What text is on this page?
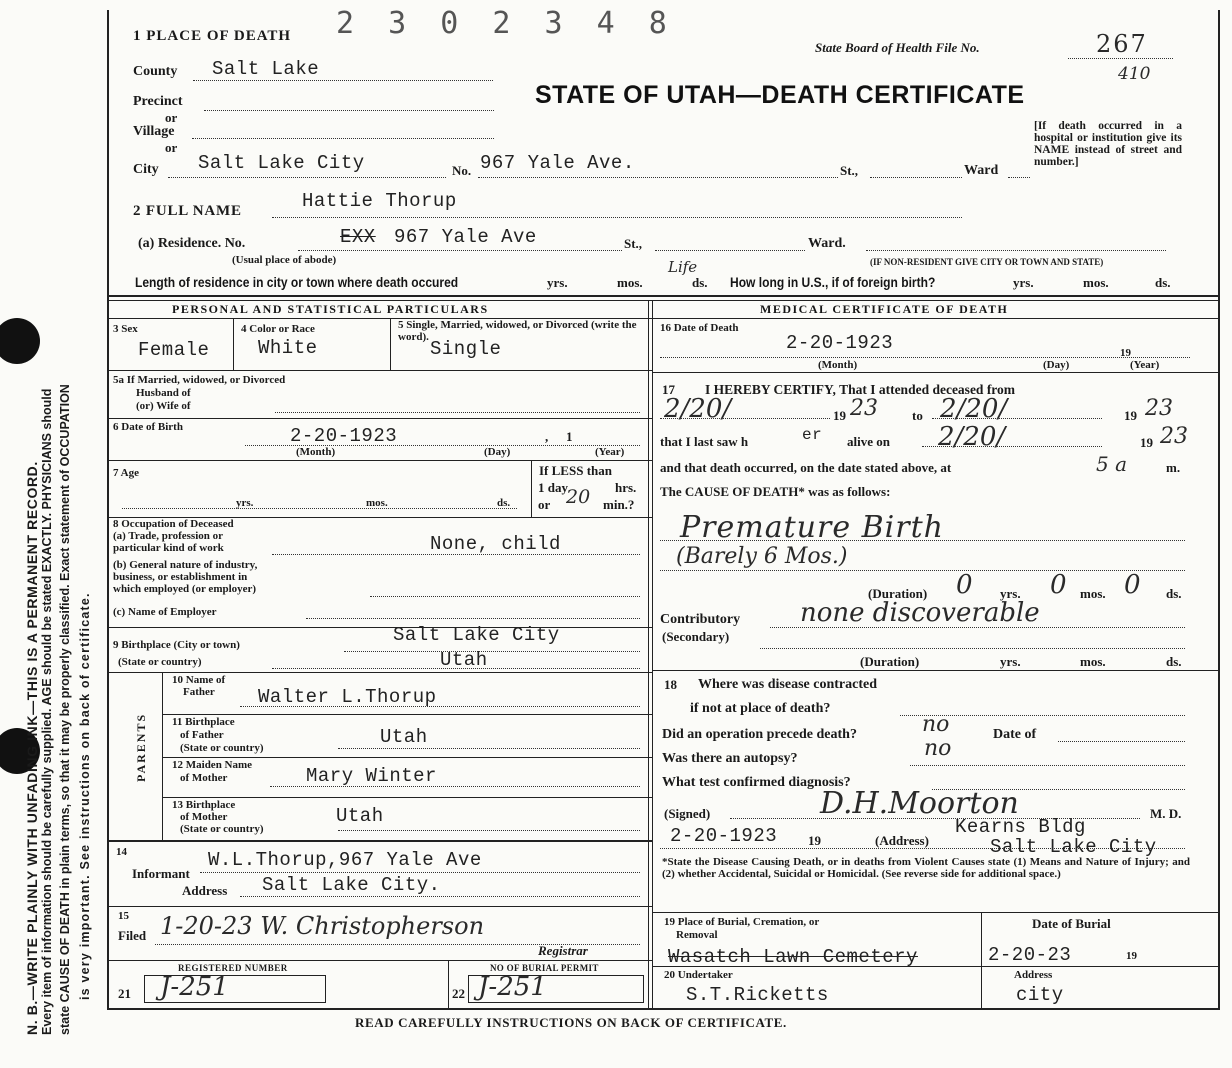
N. B.—WRITE PLAINLY WITH UNFADING INK—THIS IS A PERMANENT RECORD. Every item of information should be carefully supplied. AGE should be stated EXACTLY. PHYSICIANS should state CAUSE OF DEATH in plain terms, so that it may be properly classified. Exact statement of OCCUPATION is very important. See instructions on back of certificate.
1 PLACE OF DEATH 2 3 0 2 3 4 8
State Board of Health File No.	267
410
STATE OF UTAH—DEATH CERTIFICATE
[If death occurred in a hospital or institution give its NAME instead of street and number.]
County Salt Lake
Precinct
or
Village
or
City Salt Lake City	No. 967 Yale Ave.	St.,	Ward
2 FULL NAME	Hattie Thorup
(a) Residence. No.	EXX 967 Yale Ave	St.,	Ward.
(Usual place of abode)	(IF NON-RESIDENT GIVE CITY OR TOWN AND STATE)
Length of residence in city or town where death occured	yrs.	mos.
Life
ds. How long in U.S., if of foreign birth?	yrs.	mos.	ds.
PERSONAL AND STATISTICAL PARTICULARS
3 Sex
Female
4 Color or Race
White
5 Single, Married, widowed, or Divorced (write the word).
Single
5a If Married, widowed, or Divorced
Husband of
(or) Wife of
6 Date of Birth	2-20-1923	, 1
(Month)	(Day)	(Year)
7 Age
yrs.	mos.	ds.
If LESS than
1 day	hrs.
or 20 min.?
8 Occupation of Deceased
(a) Trade, profession or
particular kind of work	None, child
(b) General nature of industry,
business, or establishment in
which employed (or employer)
(c) Name of Employer
9 Birthplace (City or town)	Salt Lake City
(State or country)	Utah
PARENTS
10 Name of
Father Walter L.Thorup
11 Birthplace
of Father
(State or country)	Utah
12 Maiden Name
of Mother	Mary Winter
13 Birthplace
of Mother
(State or country)
Utah
14
Informant
W.L.Thorup,967 Yale Ave
Address Salt Lake City.
15
Filed 1-20-23 W. Christopherson
Registrar
REGISTERED NUMBER	NO OF BURIAL PERMIT
21 J-251	22 J-251
MEDICAL CERTIFICATE OF DEATH
16 Date of Death
2-20-1923
(Month)	(Day)
19
(Year)
17 I HEREBY CERTIFY, That I attended deceased from
2/20/	19 23	to 2/20/	19 23
that I last saw h	er alive on 2/20/	19 23
and that death occurred, on the date stated above, at	5 a	m.
The CAUSE OF DEATH* was as follows:
Premature Birth
(Barely 6 Mos.)
(Duration) 0 yrs. 0 mos. 0 ds.
Contributory
(Secondary)
none discoverable
(Duration)	yrs.	mos.	ds.
18 Where was disease contracted
if not at place of death?
Did an operation precede death?	no	Date of
Was there an autopsy?	no
What test confirmed diagnosis?
(Signed)	D.H.Moorton	M. D.
2-20-1923 19	(Address)
Kearns Bldg
Salt Lake City
*State the Disease Causing Death, or in deaths from Violent Causes state (1) Means and Nature of Injury; and (2) whether Accidental, Suicidal or Homicidal. (See reverse side for additional space.)
19 Place of Burial, Cremation, or
Removal
Date of Burial
Wasatch Lawn Cemetery	2-20-23	19
20 Undertaker	Address
S.T.Ricketts	city
READ CAREFULLY INSTRUCTIONS ON BACK OF CERTIFICATE.
